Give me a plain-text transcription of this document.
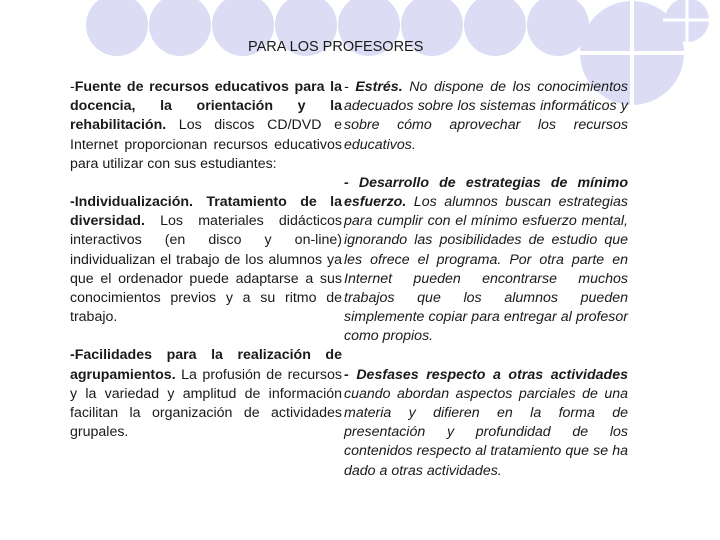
PARA LOS PROFESORES

-Fuente de recursos educativos para la docencia, la orientación y la rehabilitación. Los discos CD/DVD e Internet proporcionan recursos educativos para utilizar con sus estudiantes:

-Individualización. Tratamiento de la diversidad. Los materiales didácticos interactivos (en disco y on-line) individualizan el trabajo de los alumnos ya que el ordenador puede adaptarse a sus conocimientos previos y a su ritmo de trabajo.

-Facilidades para la realización de agrupamientos. La profusión de recursos y la variedad y amplitud de información facilitan la organización de actividades grupales.

- Estrés. No dispone de los conocimientos adecuados sobre los sistemas informáticos y sobre cómo aprovechar los recursos educativos.

- Desarrollo de estrategias de mínimo esfuerzo. Los alumnos buscan estrategias para cumplir con el mínimo esfuerzo mental, ignorando las posibilidades de estudio que les ofrece el programa. Por otra parte en Internet pueden encontrarse muchos trabajos que los alumnos pueden simplemente copiar para entregar al profesor como propios.

- Desfases respecto a otras actividades cuando abordan aspectos parciales de una materia y difieren en la forma de presentación y profundidad de los contenidos respecto al tratamiento que se ha dado a otras actividades.
